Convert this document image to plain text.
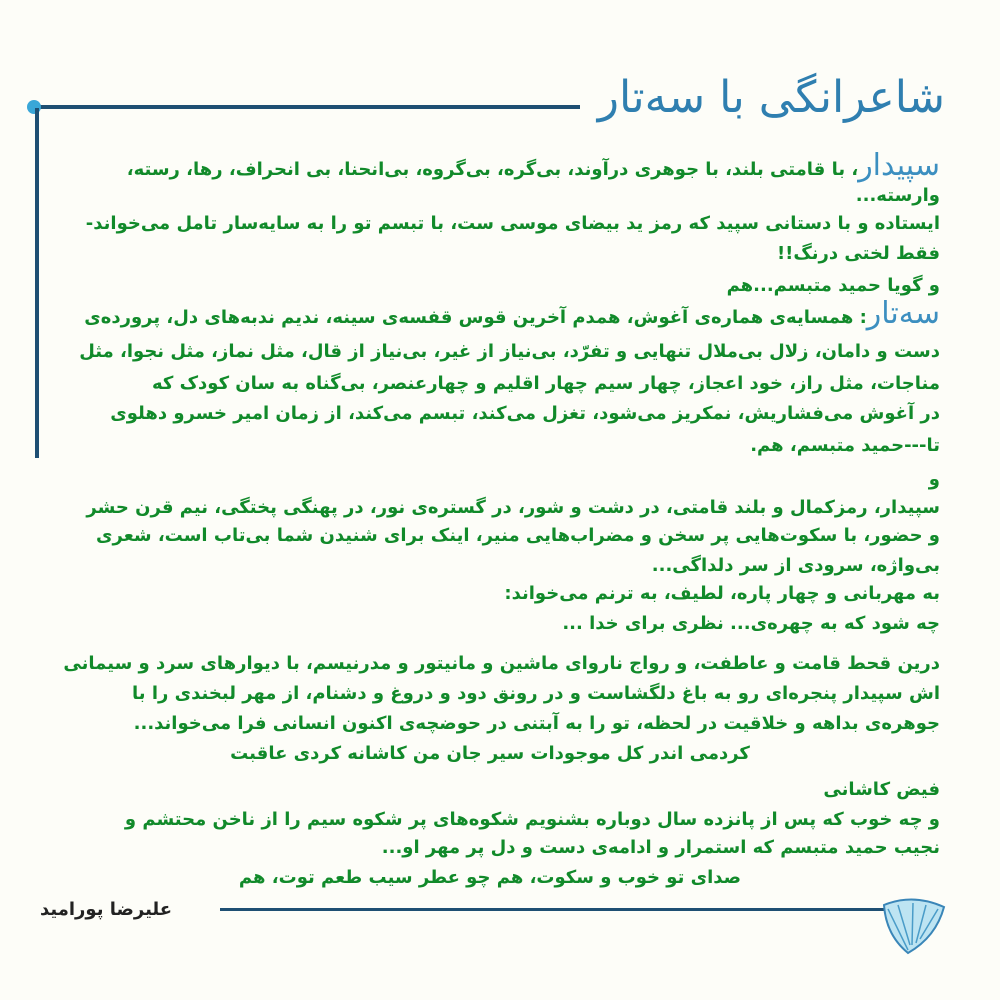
شاعرانگی با سه‌تار
سپیدار، با قامتی بلند، با جوهری درآوند، بی‌گره، بی‌گروه، بی‌انحنا، بی انحراف، رها، رسته،
وارسته...
ایستاده و با دستانی سپید که رمز ید بیضای موسی ست، با تبسم تو را به سایه‌سار تامل می‌خواند-
فقط لختی درنگ!!
و گویا حمید متبسم...هم
سه‌تار: همسایه‌ی همار‌ه‌ی آغوش، همدم آخرین قوس قفسه‌ی سینه، ندیم ندبه‌های دل، پرورده‌ی
دست و دامان، زلال بی‌ملال تنهایی و تفرّد، بی‌نیاز از غیر، بی‌نیاز از قال، مثل نماز، مثل نجوا، مثل
مناجات، مثل راز، خود اعجاز، چهار سیم چهار اقلیم و چهارعنصر، بی‌گناه به سان کودک که
در آغوش می‌فشاریش، نمکریز می‌شود، تغزل می‌کند، تبسم می‌کند، از زمان امیر خسرو دهلوی
تا---حمید متبسم، هم.
و
سپیدار، رمزکمال و بلند قامتی، در دشت و شور، در گستره‌ی نور، در پهنگی پختگی، نیم قرن حشر
و حضور، با سکوت‌هایی پر سخن و مضراب‌هایی منیر، اینک برای شنیدن شما بی‌تاب است، شعری
بی‌واژه، سرودی از سر دلداگی...
به مهربانی و چهار پاره، لطیف، به ترنم می‌خواند:
چه شود که به چهره‌ی... نظری برای خدا ...
درین قحط قامت و عاطفت، و رواج ناروای ماشین و مانیتور و مدرنیسم، با دیوارهای سرد و سیمانی
اش سپیدار پنجره‌ای رو به باغ دلگشاست و در رونق دود و دروغ و دشنام، از مهر لبخندی را با
جوهره‌ی بداهه و خلاقیت در لحظه، تو را به آبتنی در حوضچه‌ی اکنون انسانی فرا می‌خواند...
کردمی اندر کل موجودات سیر جان من کاشانه کردی عاقبت
فیض کاشانی
و چه خوب که پس از پانزده سال دوباره بشنویم شکوه‌های پر شکوه سیم را از ناخن محتشم و
نجیب حمید متبسم که استمرار و ادامه‌ی دست و دل پر مهر او...
صدای تو خوب و سکوت، هم چو عطر سیب طعم توت، هم
علیرضا پورامید
